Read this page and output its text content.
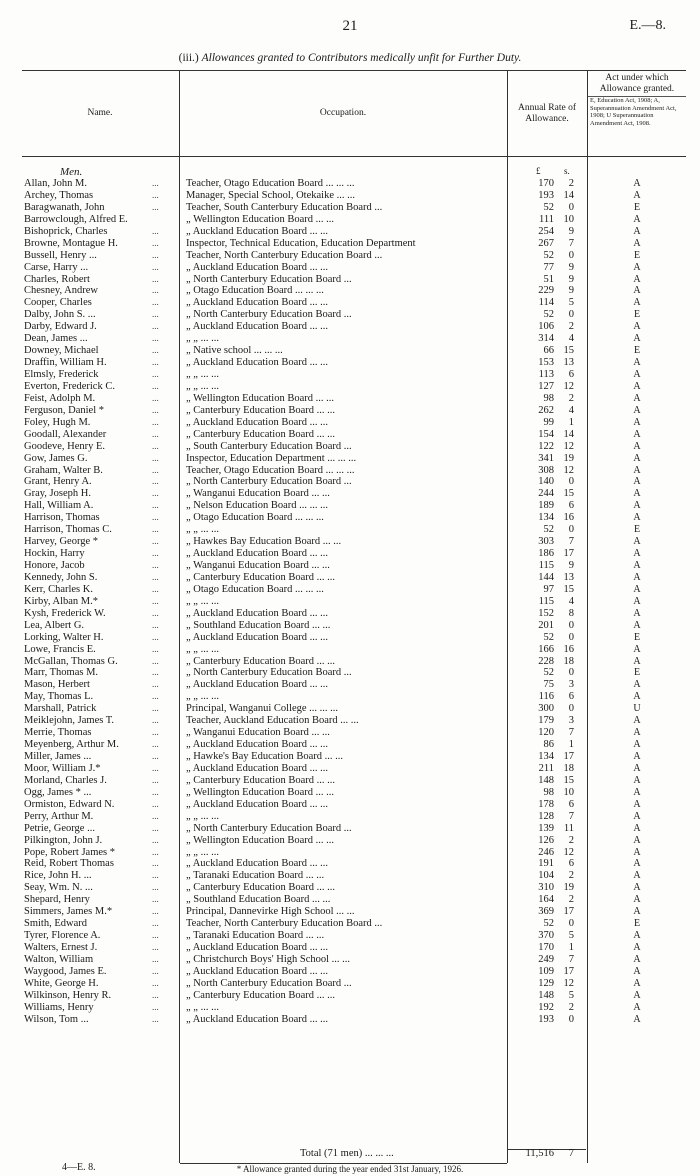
21	E.—8.
(iii.) Allowances granted to Contributors medically unfit for Further Duty.
Name.	Occupation.
Annual Rate of Allowance.
Act under which Allowance granted.
E, Education Act, 1908; A, Superannuation Amendment Act, 1908; U Superannuation Amendment Act, 1908.
Men.	£	s.
Allan, John M.	...	Teacher, Otago Education Board ... ... ...	170	2	A
Archey, Thomas	...	Manager, Special School, Otekaike ... ...	193 14	A
Baragwanath, John	...	Teacher, South Canterbury Education Board ...	52	0	E
Barrowclough, Alfred E.	„ Wellington Education Board ... ...	111 10	A
Bishoprick, Charles	...	„ Auckland Education Board ... ...	254	9	A
Browne, Montague H.	...	Inspector, Technical Education, Education Department	267	7	A
Bussell, Henry ...	...	Teacher, North Canterbury Education Board ...	52	0	E
Carse, Harry ...	...	„ Auckland Education Board ... ...	77	9	A
Charles, Robert	...	„ North Canterbury Education Board ...	51	9	A
Chesney, Andrew	...	„ Otago Education Board ... ... ...	229	9	A
Cooper, Charles	...	„ Auckland Education Board ... ...	114	5	A
Dalby, John S. ...	...	„ North Canterbury Education Board ...	52	0	E
Darby, Edward J.	...	„ Auckland Education Board ... ...	106	2	A
Dean, James ...	...	„ „ ... ...	314	4	A
Downey, Michael	...	„ Native school ... ... ...	66 15	E
Draffin, William H.	...	„ Auckland Education Board ... ...	153 13	A
Elmsly, Frederick	...	„ „ ... ...	113	6	A
Everton, Frederick C.	...	„ „ ... ...	127 12	A
Feist, Adolph M.	...	„ Wellington Education Board ... ...	98	2	A
Ferguson, Daniel *	...	„ Canterbury Education Board ... ...	262	4	A
Foley, Hugh M.	...	„ Auckland Education Board ... ...	99	1	A
Goodall, Alexander	...	„ Canterbury Education Board ... ...	154 14	A
Goodeve, Henry E.	...	„ South Canterbury Education Board ...	122 12	A
Gow, James G.	...	Inspector, Education Department ... ... ...	341 19	A
Graham, Walter B.	...	Teacher, Otago Education Board ... ... ...	308 12	A
Grant, Henry A.	...	„ North Canterbury Education Board ...	140	0	A
Gray, Joseph H.	...	„ Wanganui Education Board ... ...	244 15	A
Hall, William A.	...	„ Nelson Education Board ... ... ...	189	6	A
Harrison, Thomas	...	„ Otago Education Board ... ... ...	134 16	A
Harrison, Thomas C.	...	„ „ ... ...	52	0	E
Harvey, George *	...	„ Hawkes Bay Education Board ... ...	303	7	A
Hockin, Harry	...	„ Auckland Education Board ... ...	186 17	A
Honore, Jacob	...	„ Wanganui Education Board ... ...	115	9	A
Kennedy, John S.	...	„ Canterbury Education Board ... ...	144 13	A
Kerr, Charles K.	...	„ Otago Education Board ... ... ...	97 15	A
Kirby, Alban M.*	...	„ „ ... ...	115	4	A
Kysh, Frederick W.	...	„ Auckland Education Board ... ...	152	8	A
Lea, Albert G.	...	„ Southland Education Board ... ...	201	0	A
Lorking, Walter H.	...	„ Auckland Education Board ... ...	52	0	E
Lowe, Francis E.	...	„ „ ... ...	166 16	A
McGallan, Thomas G.	...	„ Canterbury Education Board ... ...	228 18	A
Marr, Thomas M.	...	„ North Canterbury Education Board ...	52	0	E
Mason, Herbert	...	„ Auckland Education Board ... ...	75	3	A
May, Thomas L.	...	„ „ ... ...	116	6	A
Marshall, Patrick	...	Principal, Wanganui College ... ... ...	300	0	U
Meiklejohn, James T.	...	Teacher, Auckland Education Board ... ...	179	3	A
Merrie, Thomas	...	„ Wanganui Education Board ... ...	120	7	A
Meyenberg, Arthur M.	...	„ Auckland Education Board ... ...	86	1	A
Miller, James ...	...	„ Hawke's Bay Education Board ... ...	134 17	A
Moor, William J.*	...	„ Auckland Education Board ... ...	211 18	A
Morland, Charles J.	...	„ Canterbury Education Board ... ...	148 15	A
Ogg, James * ...	...	„ Wellington Education Board ... ...	98 10	A
Ormiston, Edward N.	...	„ Auckland Education Board ... ...	178	6	A
Perry, Arthur M.	...	„ „ ... ...	128	7	A
Petrie, George ...	...	„ North Canterbury Education Board ...	139 11	A
Pilkington, John J.	...	„ Wellington Education Board ... ...	126	2	A
Pope, Robert James *	...	„ „ ... ...	246 12	A
Reid, Robert Thomas	...	„ Auckland Education Board ... ...	191	6	A
Rice, John H. ...	...	„ Taranaki Education Board ... ...	104	2	A
Seay, Wm. N. ...	...	„ Canterbury Education Board ... ...	310 19	A
Shepard, Henry	...	„ Southland Education Board ... ...	164	2	A
Simmers, James M.*	...	Principal, Dannevirke High School ... ...	369 17	A
Smith, Edward	...	Teacher, North Canterbury Education Board ...	52	0	E
Tyrer, Florence A.	...	„ Taranaki Education Board ... ...	370	5	A
Walters, Ernest J.	...	„ Auckland Education Board ... ...	170	1	A
Walton, William	...	„ Christchurch Boys' High School ... ...	249	7	A
Waygood, James E.	...	„ Auckland Education Board ... ...	109 17	A
White, George H.	...	„ North Canterbury Education Board ...	129 12	A
Wilkinson, Henry R.	...	„ Canterbury Education Board ... ...	148	5	A
Williams, Henry	...	„ „ ... ...	192	2	A
Wilson, Tom ...	...	„ Auckland Education Board ... ...	193	0	A
Total (71 men) ... ... ...	11,516	7
* Allowance granted during the year ended 31st January, 1926.
4—E. 8.
